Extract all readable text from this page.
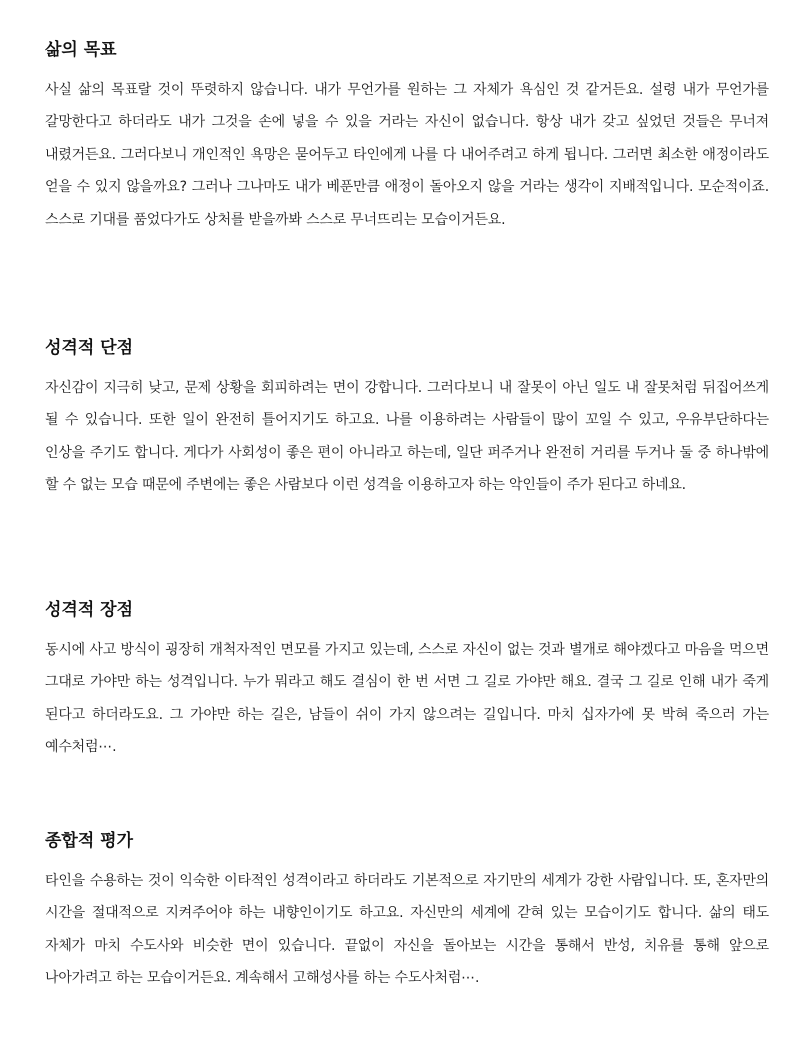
삶의 목표

사실 삶의 목표랄 것이 뚜렷하지 않습니다. 내가 무언가를 원하는 그 자체가 욕심인 것 같거든요. 설령 내가 무언가를 갈망한다고 하더라도 내가 그것을 손에 넣을 수 있을 거라는 자신이 없습니다. 항상 내가 갖고 싶었던 것들은 무너져 내렸거든요. 그러다보니 개인적인 욕망은 묻어두고 타인에게 나를 다 내어주려고 하게 됩니다. 그러면 최소한 애정이라도 얻을 수 있지 않을까요? 그러나 그나마도 내가 베푼만큼 애정이 돌아오지 않을 거라는 생각이 지배적입니다. 모순적이죠. 스스로 기대를 품었다가도 상처를 받을까봐 스스로 무너뜨리는 모습이거든요.

성격적 단점

자신감이 지극히 낮고, 문제 상황을 회피하려는 면이 강합니다. 그러다보니 내 잘못이 아닌 일도 내 잘못처럼 뒤집어쓰게 될 수 있습니다. 또한 일이 완전히 틀어지기도 하고요. 나를 이용하려는 사람들이 많이 꼬일 수 있고, 우유부단하다는 인상을 주기도 합니다. 게다가 사회성이 좋은 편이 아니라고 하는데, 일단 퍼주거나 완전히 거리를 두거나 둘 중 하나밖에 할 수 없는 모습 때문에 주변에는 좋은 사람보다 이런 성격을 이용하고자 하는 악인들이 주가 된다고 하네요.

성격적 장점

동시에 사고 방식이 굉장히 개척자적인 면모를 가지고 있는데, 스스로 자신이 없는 것과 별개로 해야겠다고 마음을 먹으면 그대로 가야만 하는 성격입니다. 누가 뭐라고 해도 결심이 한 번 서면 그 길로 가야만 해요. 결국 그 길로 인해 내가 죽게 된다고 하더라도요. 그 가야만 하는 길은, 남들이 쉬이 가지 않으려는 길입니다. 마치 십자가에 못 박혀 죽으러 가는 예수처럼⋯.

종합적 평가

타인을 수용하는 것이 익숙한 이타적인 성격이라고 하더라도 기본적으로 자기만의 세계가 강한 사람입니다. 또, 혼자만의 시간을 절대적으로 지켜주어야 하는 내향인이기도 하고요. 자신만의 세계에 갇혀 있는 모습이기도 합니다. 삶의 태도 자체가 마치 수도사와 비슷한 면이 있습니다. 끝없이 자신을 돌아보는 시간을 통해서 반성, 치유를 통해 앞으로 나아가려고 하는 모습이거든요. 계속해서 고해성사를 하는 수도사처럼⋯.
